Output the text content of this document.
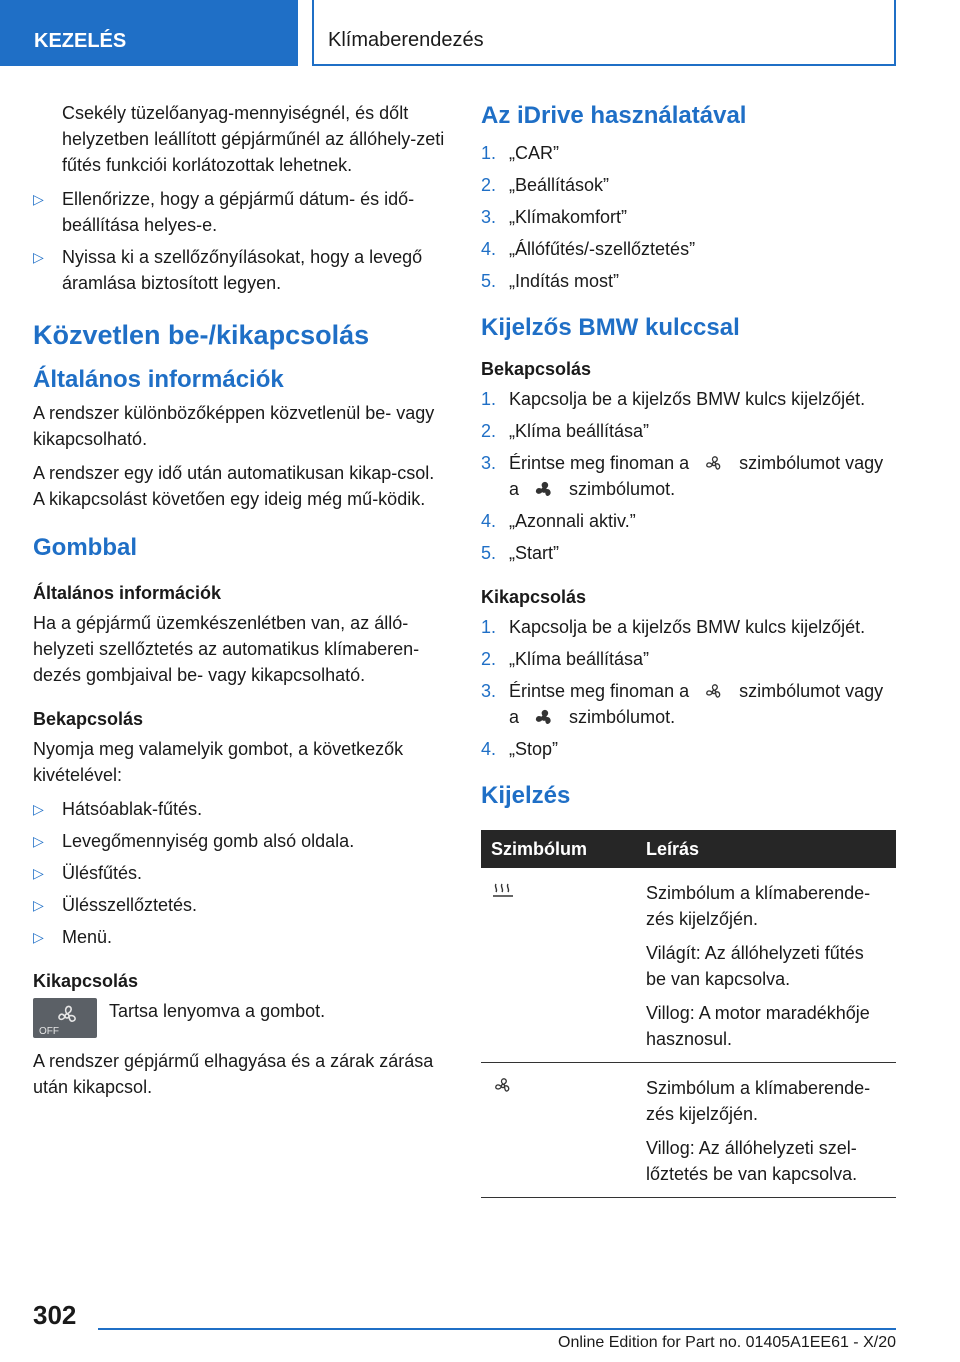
KEZELÉS	Klímaberendezés

Csekély tüzelőanyag-mennyiségnél, és dőlt helyzetben leállított gépjárműnél az állóhely-zeti fűtés funkciói korlátozottak lehetnek.

▷	Ellenőrizze, hogy a gépjármű dátum- és idő-beállítása helyes-e.
▷	Nyissa ki a szellőzőnyílásokat, hogy a levegő áramlása biztosított legyen.
Közvetlen be-/kikapcsolás
Általános információk

A rendszer különbözőképpen közvetlenül be- vagy kikapcsolható.

A rendszer egy idő után automatikusan kikap-csol. A kikapcsolást követően egy ideig még mű-ködik.

Gombbal
Általános információk

Ha a gépjármű üzemkészenlétben van, az álló-helyzeti szellőztetés az automatikus klímaberen-dezés gombjaival be- vagy kikapcsolható.

Bekapcsolás

Nyomja meg valamelyik gombot, a következők kivételével:

▷	Hátsóablak-fűtés.
▷	Levegőmennyiség gomb alsó oldala.
▷	Ülésfűtés.
▷	Ülésszellőztetés.
▷	Menü.
Kikapcsolás
OFF
Tartsa lenyomva a gombot.

A rendszer gépjármű elhagyása és a zárak zárása után kikapcsol.

Az iDrive használatával
1. „CAR”
2. „Beállítások”
3. „Klímakomfort”
4. „Állófűtés/-szellőztetés”
5. „Indítás most”
Kijelzős BMW kulccsal
Bekapcsolás
1. Kapcsolja be a kijelzős BMW kulcs kijelzőjét.
2. „Klíma beállítása”
3. Érintse meg finoman a	szimbólumot vagy
a	szimbólumot.
4. „Azonnali aktiv.”
5. „Start”
Kikapcsolás
1. Kapcsolja be a kijelzős BMW kulcs kijelzőjét.
2. „Klíma beállítása”
3. Érintse meg finoman a	szimbólumot vagy
a	szimbólumot.
4. „Stop”
Kijelzés
Szimbólum	Leírás

Szimbólum a klímaberende-zés kijelzőjén.

Világít: Az állóhelyzeti fűtés be van kapcsolva.

Villog: A motor maradékhője hasznosul.

Szimbólum a klímaberende-zés kijelzőjén.

Villog: Az állóhelyzeti szel-lőztetés be van kapcsolva.

302
Online Edition for Part no. 01405A1EE61 - X/20
